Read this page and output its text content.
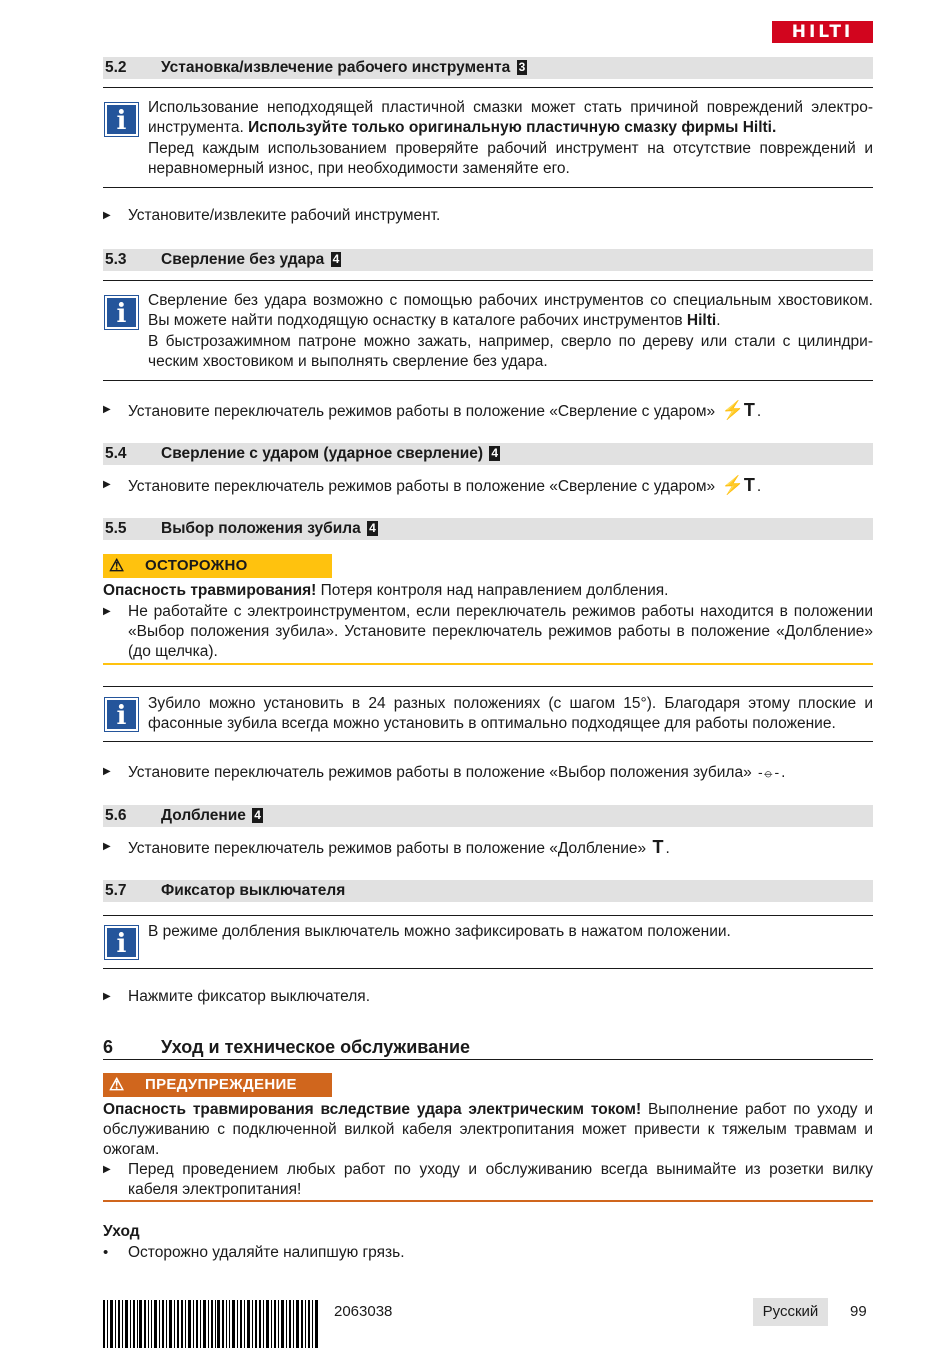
HILTI
5.2 Установка/извлечение рабочего инструмента 3
i	Использование неподходящей пластичной смазки может стать причиной повреждений электро-инструмента. Используйте только оригинальную пластичную смазку фирмы Hilti.

Перед каждым использованием проверяйте рабочий инструмент на отсутствие повреждений и неравномерный износ, при необходимости заменяйте его.

▶ Установите/извлеките рабочий инструмент.
5.3 Сверление без удара 4
i	Сверление без удара возможно с помощью рабочих инструментов со специальным хвостовиком. Вы можете найти подходящую оснастку в каталоге рабочих инструментов Hilti.

В быстрозажимном патроне можно зажать, например, сверло по дереву или стали с цилиндри-ческим хвостовиком и выполнять сверление без удара.

▶ Установите переключатель режимов работы в положение «Сверление с ударом» ⚡T .
5.4 Сверление с ударом (ударное сверление) 4
▶ Установите переключатель режимов работы в положение «Сверление с ударом» ⚡T .
5.5 Выбор положения зубила 4
⚠ ОСТОРОЖНО
Опасность травмирования! Потеря контроля над направлением долбления.
▶ Не работайте с электроинструментом, если переключатель режимов работы находится в положении «Выбор положения зубила». Установите переключатель режимов работы в положение «Долбление» (до щелчка).
i	Зубило можно установить в 24 разных положениях (с шагом 15°). Благодаря этому плоские и фасонные зубила всегда можно установить в оптимально подходящее для работы положение.

▶ Установите переключатель режимов работы в положение «Выбор положения зубила» -⦵- .
5.6 Долбление 4
▶ Установите переключатель режимов работы в положение «Долбление» T .
5.7 Фиксатор выключателя
i	В режиме долбления выключатель можно зафиксировать в нажатом положении.

▶ Нажмите фиксатор выключателя.
6	Уход и техническое обслуживание
⚠ ПРЕДУПРЕЖДЕНИЕ
Опасность травмирования вследствие удара электрическим током! Выполнение работ по уходу и обслуживанию с подключенной вилкой кабеля электропитания может привести к тяжелым травмам и ожогам.
▶ Перед проведением любых работ по уходу и обслуживанию всегда вынимайте из розетки вилку кабеля электропитания!
Уход
• Осторожно удаляйте налипшую грязь.
2063038	Русский	99
